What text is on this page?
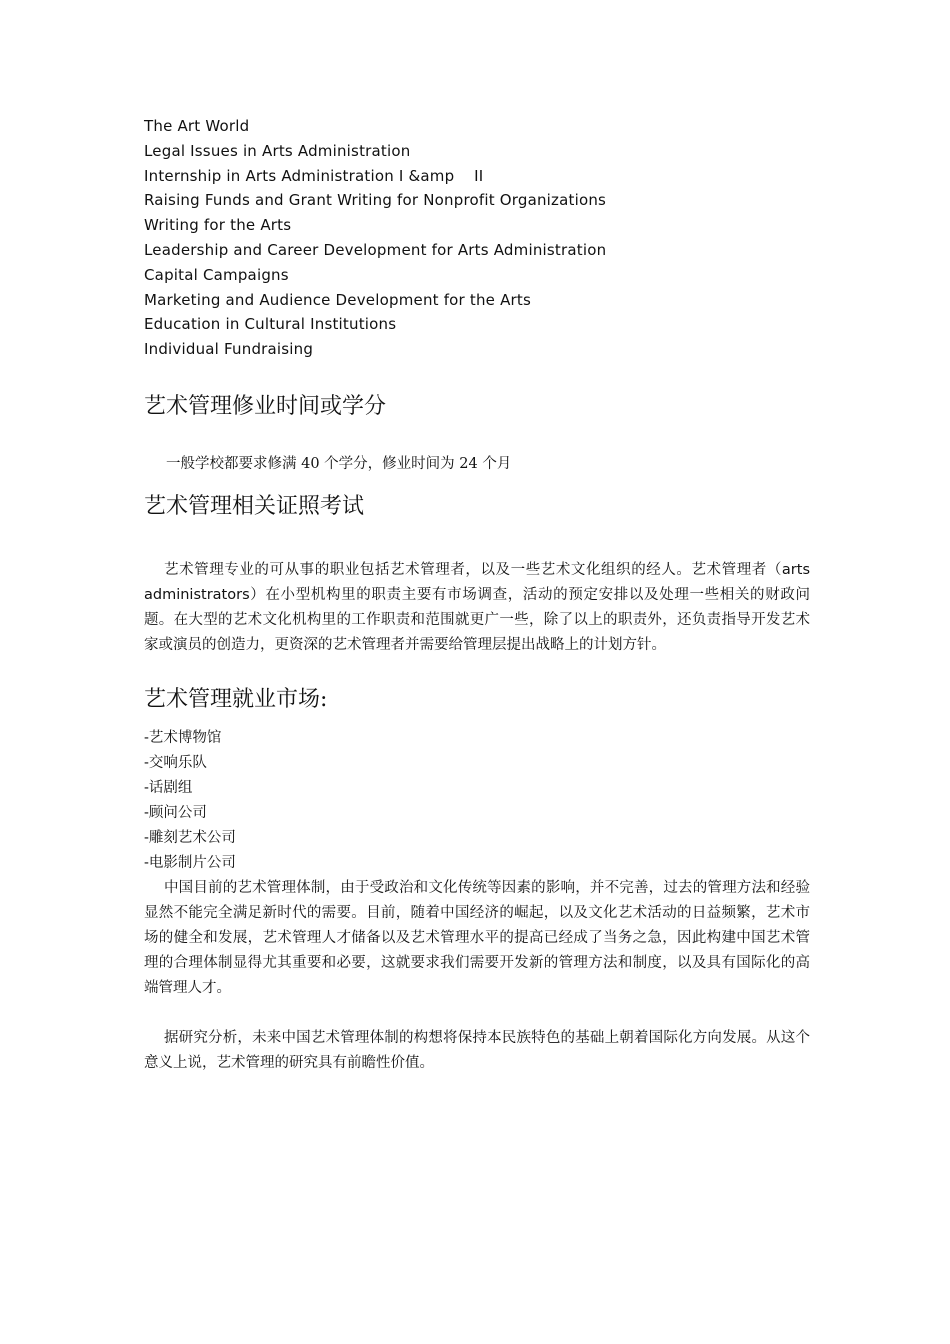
The Art World
Legal Issues in Arts Administration
Internship in Arts Administration I &amp    II
Raising Funds and Grant Writing for Nonprofit Organizations
Writing for the Arts
Leadership and Career Development for Arts Administration
Capital Campaigns
Marketing and Audience Development for the Arts
Education in Cultural Institutions
Individual Fundraising
艺术管理修业时间或学分

一般学校都要求修满 40 个学分，修业时间为 24 个月

艺术管理相关证照考试

艺术管理专业的可从事的职业包括艺术管理者，以及一些艺术文化组织的经人。艺术管理者（arts administrators）在小型机构里的职责主要有市场调查，活动的预定安排以及处理一些相关的财政问题。在大型的艺术文化机构里的工作职责和范围就更广一些，除了以上的职责外，还负责指导开发艺术家或演员的创造力，更资深的艺术管理者并需要给管理层提出战略上的计划方针。

艺术管理就业市场:
-艺术博物馆
-交响乐队
-话剧组
-顾问公司
-雕刻艺术公司
-电影制片公司

中国目前的艺术管理体制，由于受政治和文化传统等因素的影响，并不完善，过去的管理方法和经验显然不能完全满足新时代的需要。目前，随着中国经济的崛起，以及文化艺术活动的日益频繁，艺术市场的健全和发展，艺术管理人才储备以及艺术管理水平的提高已经成了当务之急，因此构建中国艺术管理的合理体制显得尤其重要和必要，这就要求我们需要开发新的管理方法和制度，以及具有国际化的高端管理人才。

据研究分析，未来中国艺术管理体制的构想将保持本民族特色的基础上朝着国际化方向发展。从这个意义上说，艺术管理的研究具有前瞻性价值。
